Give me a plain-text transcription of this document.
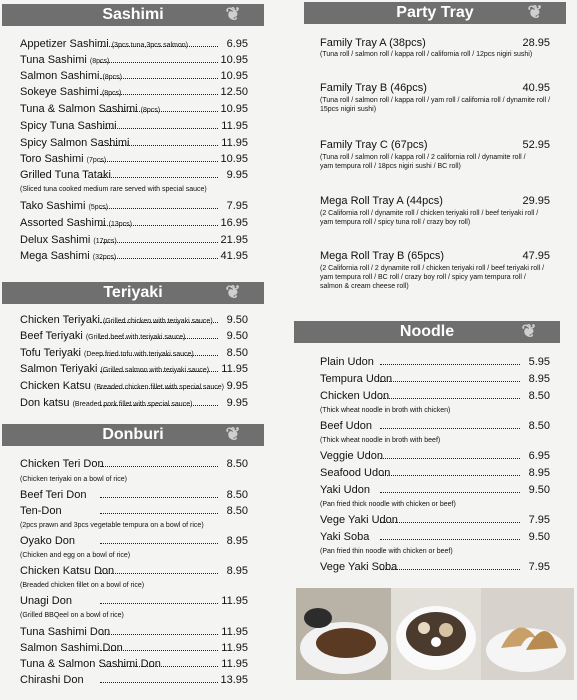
Sashimi	❦
Appetizer Sashimi (3pcs tuna,3pcs salmon)	6.95
Tuna Sashimi (8pcs)	10.95
Salmon Sashimi (8pcs)	10.95
Sokeye Sashimi (8pcs)	12.50
Tuna & Salmon Sashimi (8pcs)	10.95
Spicy Tuna Sashimi	11.95
Spicy Salmon Sashimi	11.95
Toro Sashimi (7pcs)	10.95
Grilled Tuna Tataki	9.95
(Sliced tuna cooked medium rare served with special sauce)
Tako Sashimi (5pcs)	7.95
Assorted Sashimi (13pcs)	16.95
Delux Sashimi (17pcs)	21.95
Mega Sashimi (32pcs)	41.95
Teriyaki	❦
Chicken Teriyaki (Grilled chicken with teriyaki sauce)	9.50
Beef Teriyaki (Grilled beef with teriyaki sauce)	9.50
Tofu Teriyaki (Deep fried tofu with teriyaki sauce)	8.50
Salmon Teriyaki (Grilled salmon with teriyaki sauce)	11.95
Chicken Katsu (Breaded chicken fillet with special sauce) 9.95
Don katsu (Breaded pork fillet with special sauce)	9.95
Donburi	❦
Chicken Teri Don	8.50
(Chicken teriyaki on a bowl of rice)
Beef Teri Don	8.50
Ten-Don	8.50
(2pcs prawn and 3pcs vegetable tempura on a bowl of rice)
Oyako Don	8.95
(Chicken and egg on a bowl of rice)
Chicken Katsu Don	8.95
(Breaded chicken fillet on a bowl of rice)
Unagi Don	11.95
(Grilled BBQeel on a bowl of rice)
Tuna Sashimi Don	11.95
Salmon Sashimi Don	11.95
Tuna & Salmon Sashimi Don	11.95
Chirashi Don	13.95
Party Tray	❦
Family Tray A (38pcs)	28.95
(Tuna roll / salmon roll / kappa roll / california roll / 12pcs nigiri sushi)
Family Tray B (46pcs)	40.95
(Tuna roll / salmon roll / kappa roll / yam roll / california roll / dynamite roll /
15pcs nigiri sushi)
Family Tray C (67pcs)	52.95
(Tuna roll / salmon roll / kappa roll / 2 california roll / dynamite roll /
yam tempura roll / 18pcs nigiri sushi / BC roll)
Mega Roll Tray A (44pcs)	29.95
(2 California roll / dynamite roll / chicken teriyaki roll / beef teriyaki roll /
yam tempura roll / spicy tuna roll / crazy boy roll)
Mega Roll Tray B (65pcs)	47.95
(2 California roll / 2 dynamite roll / chicken teriyaki roll / beef teriyaki roll /
yam tempura roll / BC roll / crazy boy roll / spicy yam tempura roll /
salmon & cream cheese roll)
Noodle	❦
Plain Udon	5.95
Tempura Udon	8.95
Chicken Udon	8.50
(Thick wheat noodle in broth with chicken)
Beef Udon	8.50
(Thick wheat noodle in broth with beef)
Veggie Udon	6.95
Seafood Udon	8.95
Yaki Udon	9.50
(Pan fried thick noodle with chicken or beef)
Vege Yaki Udon	7.95
Yaki Soba	9.50
(Pan fried thin noodle with chicken or beef)
Vege Yaki Soba	7.95
